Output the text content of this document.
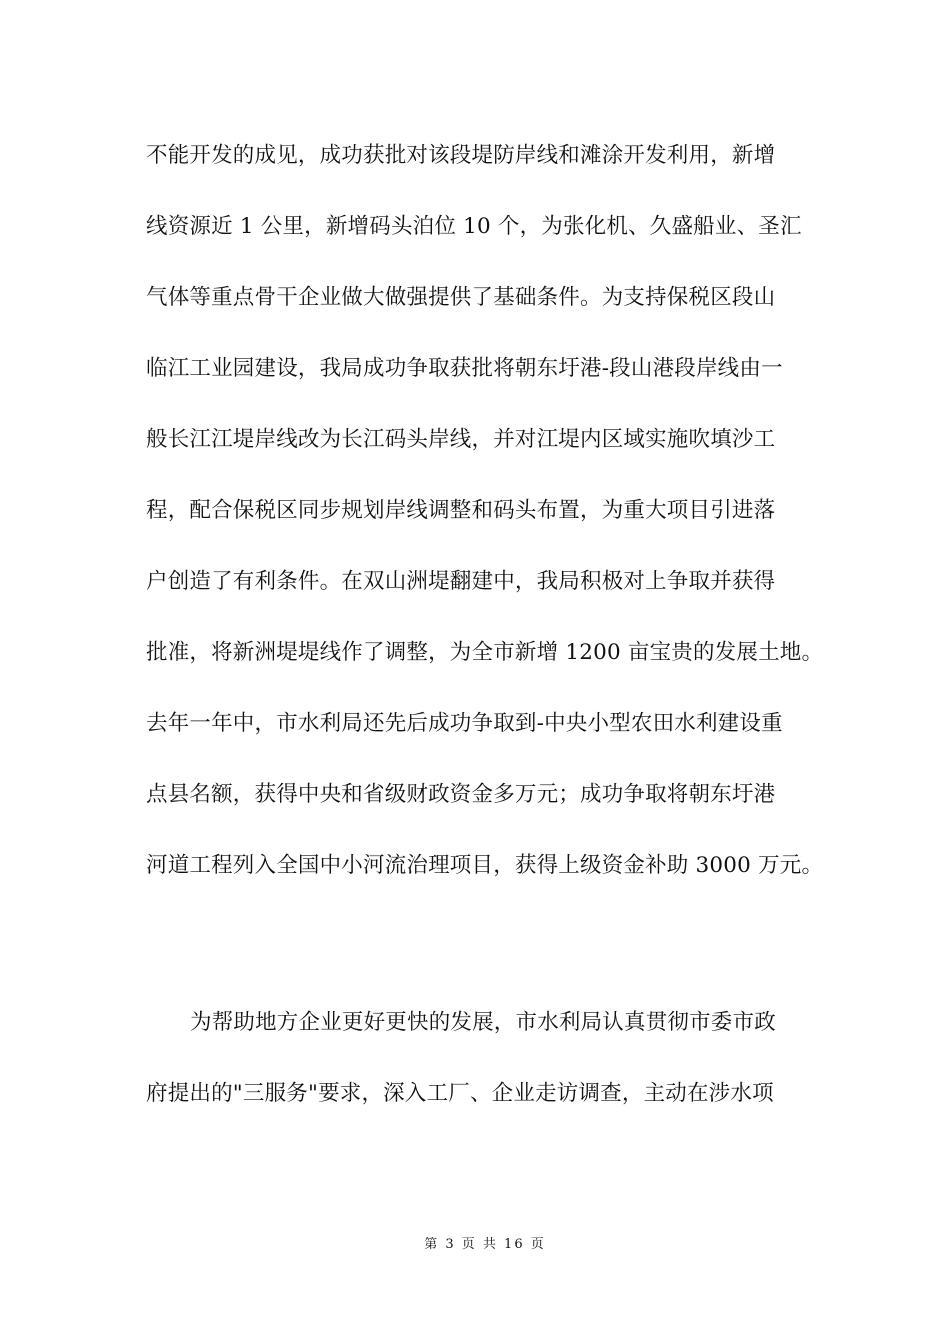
不能开发的成见，成功获批对该段堤防岸线和滩涂开发利用，新增
线资源近 1 公里，新增码头泊位 10 个，为张化机、久盛船业、圣汇
气体等重点骨干企业做大做强提供了基础条件。为支持保税区段山
临江工业园建设，我局成功争取获批将朝东圩港-段山港段岸线由一
般长江江堤岸线改为长江码头岸线，并对江堤内区域实施吹填沙工
程，配合保税区同步规划岸线调整和码头布置，为重大项目引进落
户创造了有利条件。在双山洲堤翻建中，我局积极对上争取并获得
批准，将新洲堤堤线作了调整，为全市新增 1200 亩宝贵的发展土地。
去年一年中，市水利局还先后成功争取到-中央小型农田水利建设重
点县名额，获得中央和省级财政资金多万元；成功争取将朝东圩港
河道工程列入全国中小河流治理项目，获得上级资金补助 3000 万元。
为帮助地方企业更好更快的发展，市水利局认真贯彻市委市政
府提出的"三服务"要求，深入工厂、企业走访调查，主动在涉水项
第 3 页 共 16 页
